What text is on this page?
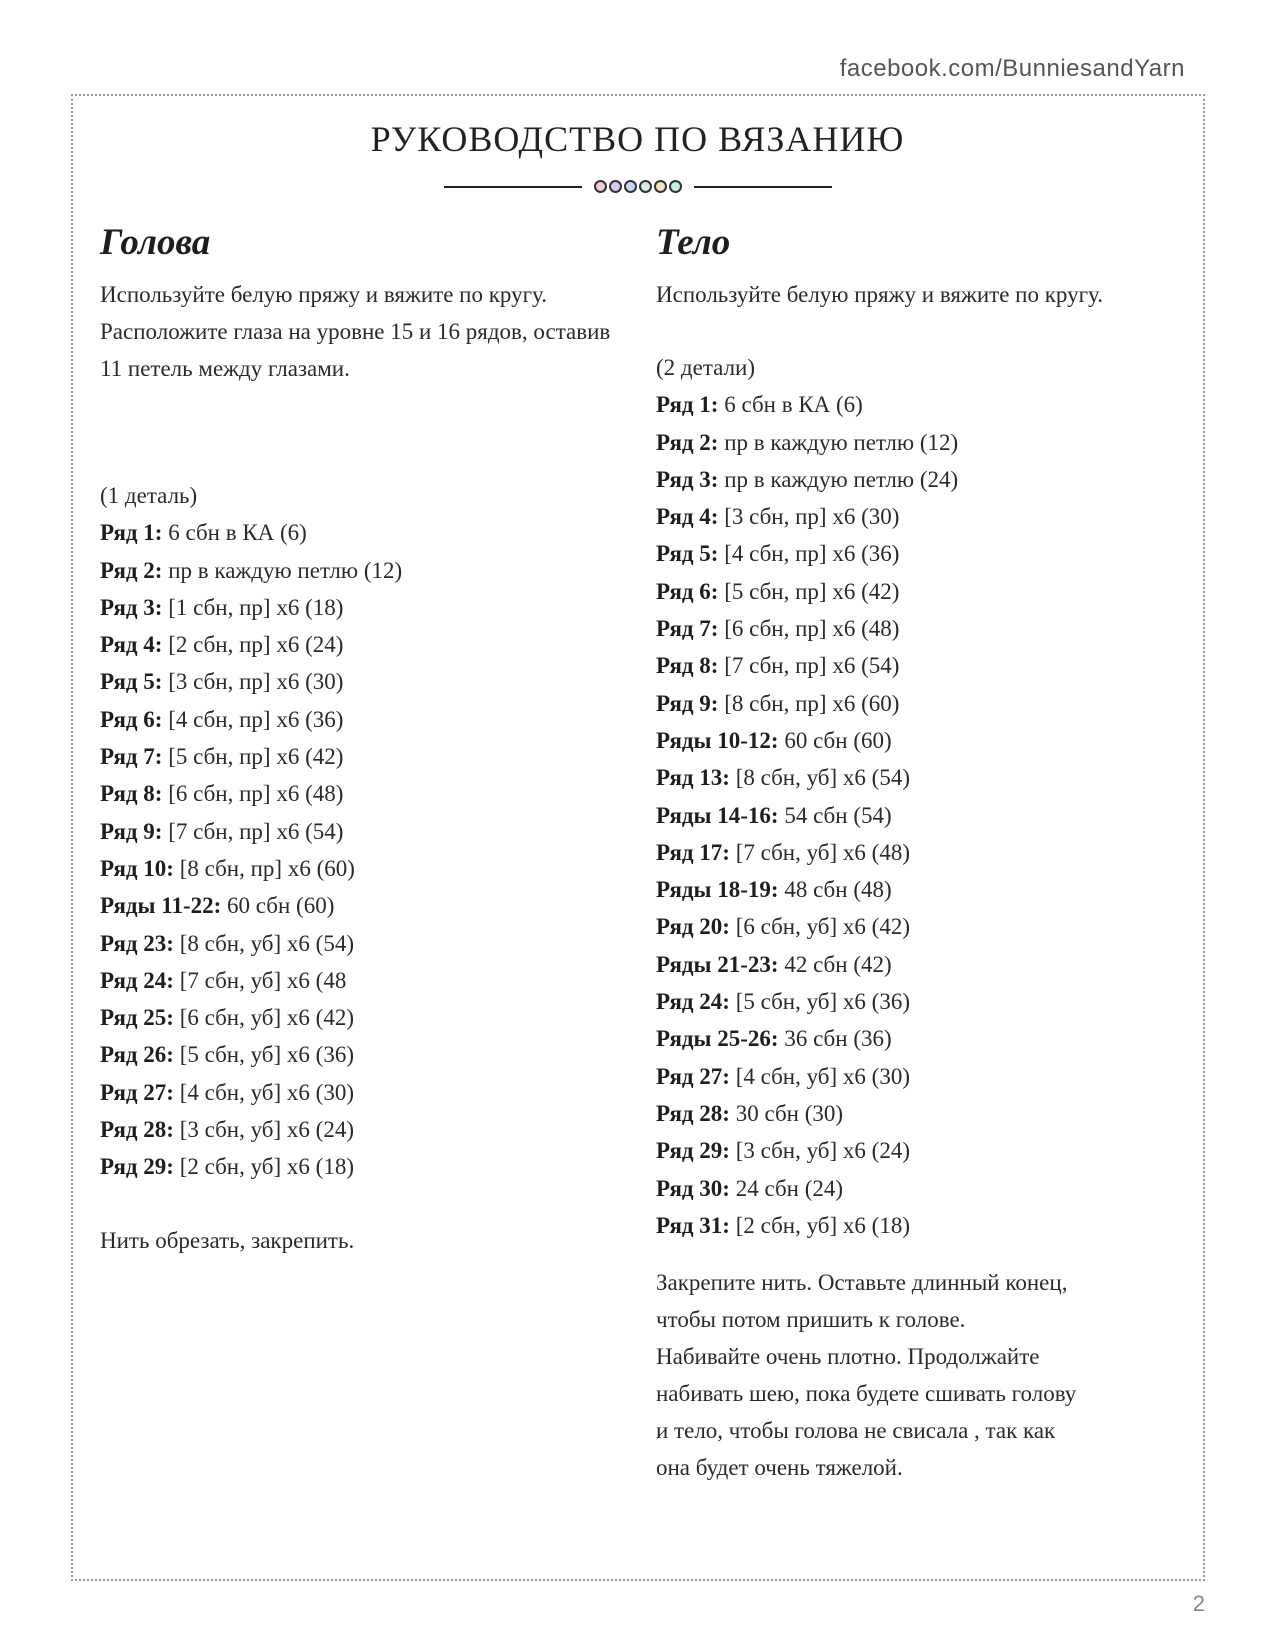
facebook.com/BunniesandYarn
РУКОВОДСТВО ПО ВЯЗАНИЮ
Голова
Используйте белую пряжу и вяжите по кругу. Расположите глаза на уровне 15 и 16 рядов, оставив 11 петель между глазами.
(1 деталь)
Ряд 1: 6 сбн в КА (6)
Ряд 2: пр в каждую петлю (12)
Ряд 3: [1 сбн, пр] х6 (18)
Ряд 4: [2 сбн, пр] х6 (24)
Ряд 5: [3 сбн, пр] х6 (30)
Ряд 6: [4 сбн, пр] х6 (36)
Ряд 7: [5 сбн, пр] х6 (42)
Ряд 8: [6 сбн, пр] х6 (48)
Ряд 9: [7 сбн, пр] х6 (54)
Ряд 10: [8 сбн, пр] х6 (60)
Ряды 11-22: 60 сбн (60)
Ряд 23: [8 сбн, уб] х6 (54)
Ряд 24: [7 сбн, уб] х6 (48
Ряд 25: [6 сбн, уб] х6 (42)
Ряд 26: [5 сбн, уб] х6 (36)
Ряд 27: [4 сбн, уб] х6 (30)
Ряд 28: [3 сбн, уб] х6 (24)
Ряд 29: [2 сбн, уб] х6 (18)
Нить обрезать, закрепить.
Тело
Используйте белую пряжу и вяжите по кругу.
(2 детали)
Ряд 1: 6 сбн в КА (6)
Ряд 2: пр в каждую петлю (12)
Ряд 3: пр в каждую петлю (24)
Ряд 4: [3 сбн, пр] х6 (30)
Ряд 5: [4 сбн, пр] х6 (36)
Ряд 6: [5 сбн, пр] х6 (42)
Ряд 7: [6 сбн, пр] х6 (48)
Ряд 8: [7 сбн, пр] х6 (54)
Ряд 9: [8 сбн, пр] х6 (60)
Ряды 10-12: 60 сбн (60)
Ряд 13: [8 сбн, уб] х6 (54)
Ряды 14-16: 54 сбн (54)
Ряд 17: [7 сбн, уб] х6 (48)
Ряды 18-19: 48 сбн (48)
Ряд 20: [6 сбн, уб] х6 (42)
Ряды 21-23: 42 сбн (42)
Ряд 24: [5 сбн, уб] х6 (36)
Ряды 25-26: 36 сбн (36)
Ряд 27: [4 сбн, уб] х6 (30)
Ряд 28: 30 сбн (30)
Ряд 29: [3 сбн, уб] х6 (24)
Ряд 30: 24 сбн (24)
Ряд 31: [2 сбн, уб] х6 (18)
Закрепите нить. Оставьте длинный конец,
чтобы потом пришить к голове.
Набивайте очень плотно. Продолжайте
набивать шею, пока будете сшивать голову
и тело, чтобы голова не свисала , так как
она будет очень тяжелой.
2
